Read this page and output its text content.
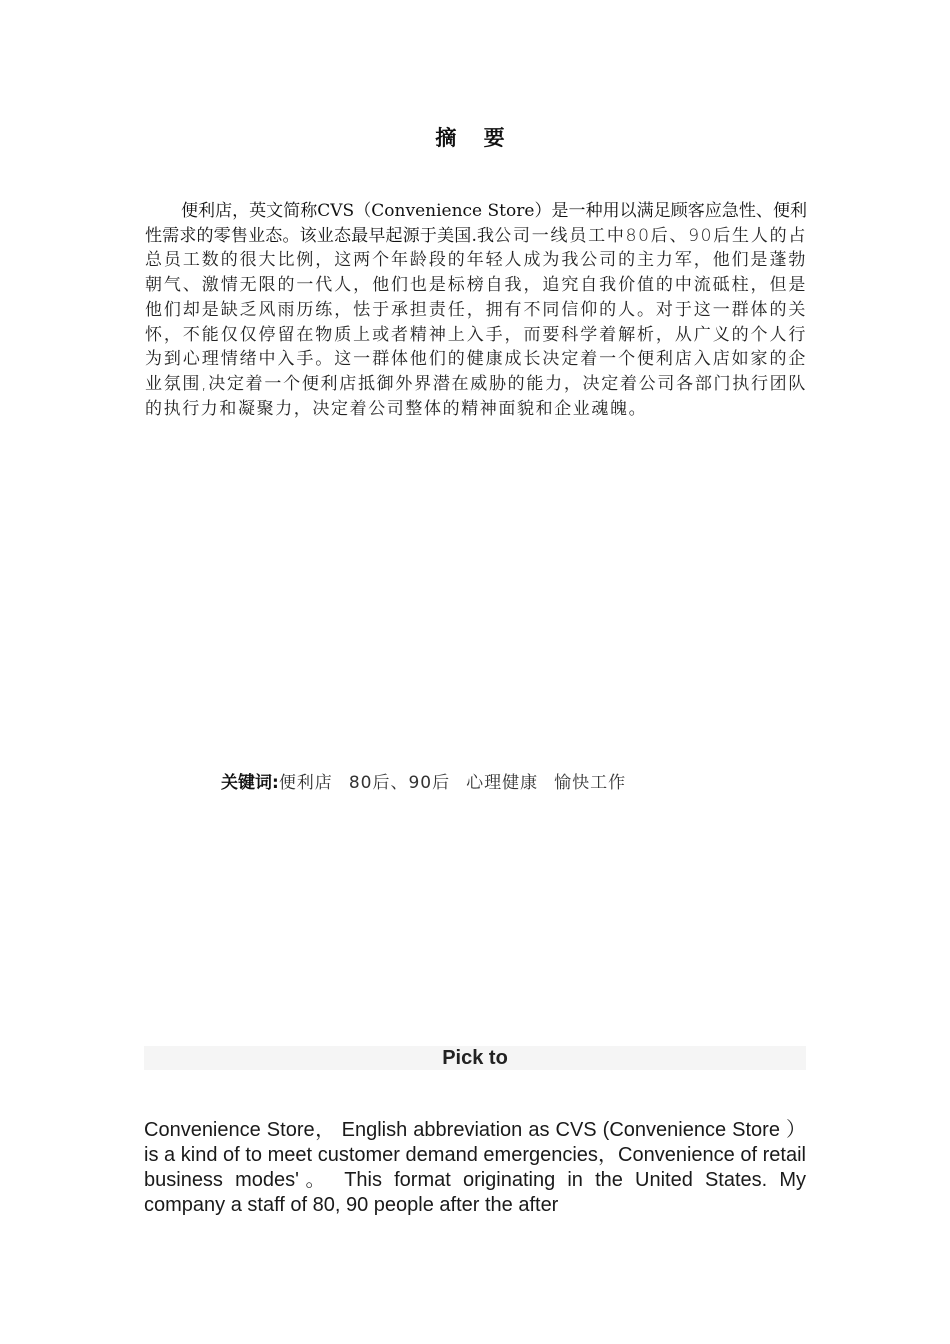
摘 要

便利店，英文简称CVS（Convenience Store）是一种用以满足顾客应急性、便利性需求的零售业态。该业态最早起源于美国.我公司一线员工中80后、90后生人的占总员工数的很大比例，这两个年龄段的年轻人成为我公司的主力军，他们是蓬勃朝气、激情无限的一代人，他们也是标榜自我，追究自我价值的中流砥柱，但是他们却是缺乏风雨历练，怯于承担责任，拥有不同信仰的人。对于这一群体的关怀，不能仅仅停留在物质上或者精神上入手，而要科学着解析，从广义的个人行为到心理情绪中入手。这一群体他们的健康成长决定着一个便利店入店如家的企业氛围,决定着一个便利店抵御外界潜在威胁的能力，决定着公司各部门执行团队的执行力和凝聚力，决定着公司整体的精神面貌和企业魂魄。

关键词:便利店 80后、90后 心理健康 愉快工作

Pick to

Convenience Store， English abbreviation as CVS (Convenience Store ） is a kind of to meet customer demand emergencies，Convenience of retail business modes'。 This format originating in the United States. My company a staff of 80, 90 people after the after
